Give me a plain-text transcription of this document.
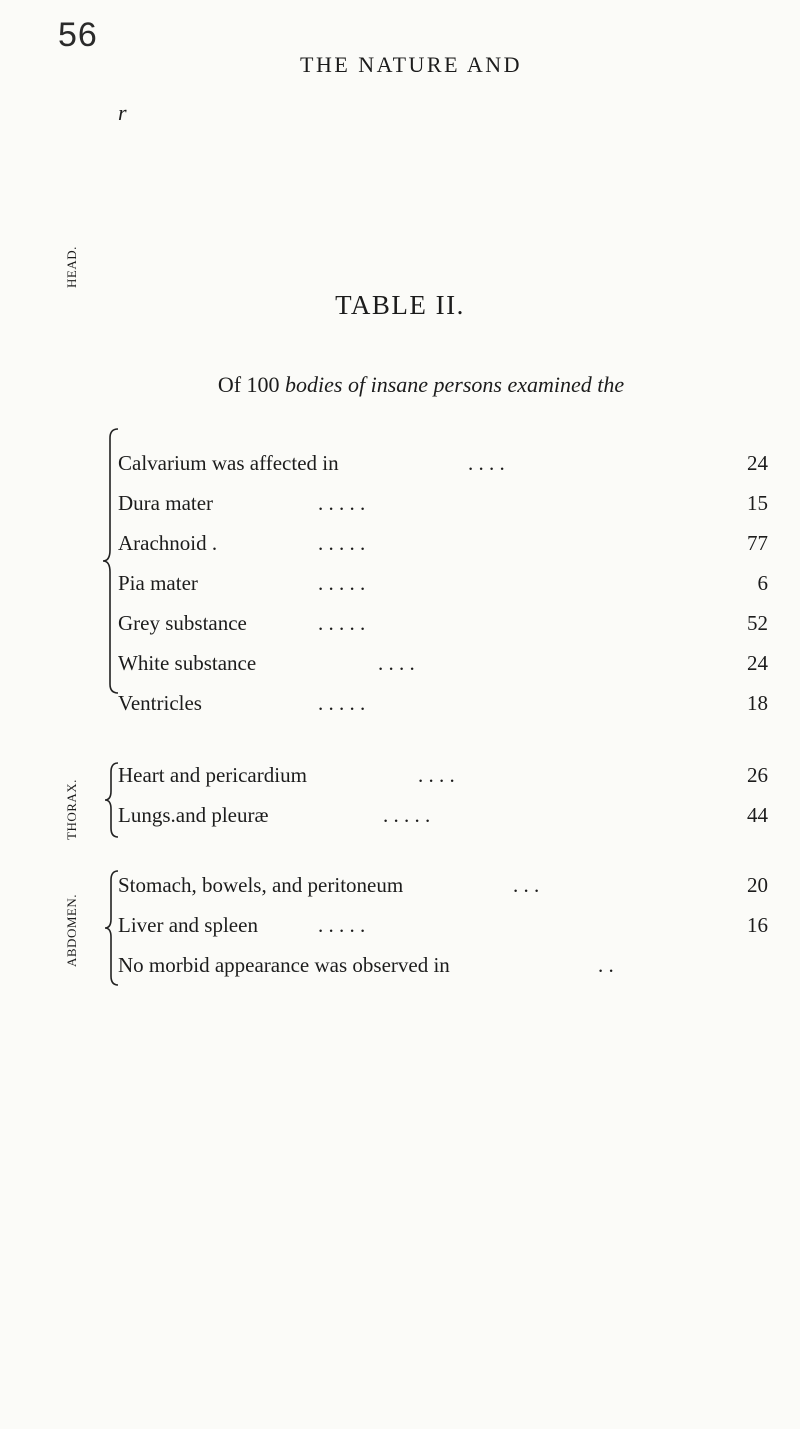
56
THE NATURE AND
r
TABLE II.
Of 100 bodies of insane persons examined the
HEAD.
Calvarium was affected in	. . . .	24
Dura mater	. . . . .	15
Arachnoid .	. . . . .	77
Pia mater	. . . . .	6
Grey substance	. . . . .	52
White substance	. . . .	24
Ventricles	. . . . .	18
THORAX.
Heart and pericardium	. . . .	26
Lungs.and pleuræ	. . . . .	44
ABDOMEN.
Stomach, bowels, and peritoneum	. . .	20
Liver and spleen	. . . . .	16
No morbid appearance was observed in	. .
